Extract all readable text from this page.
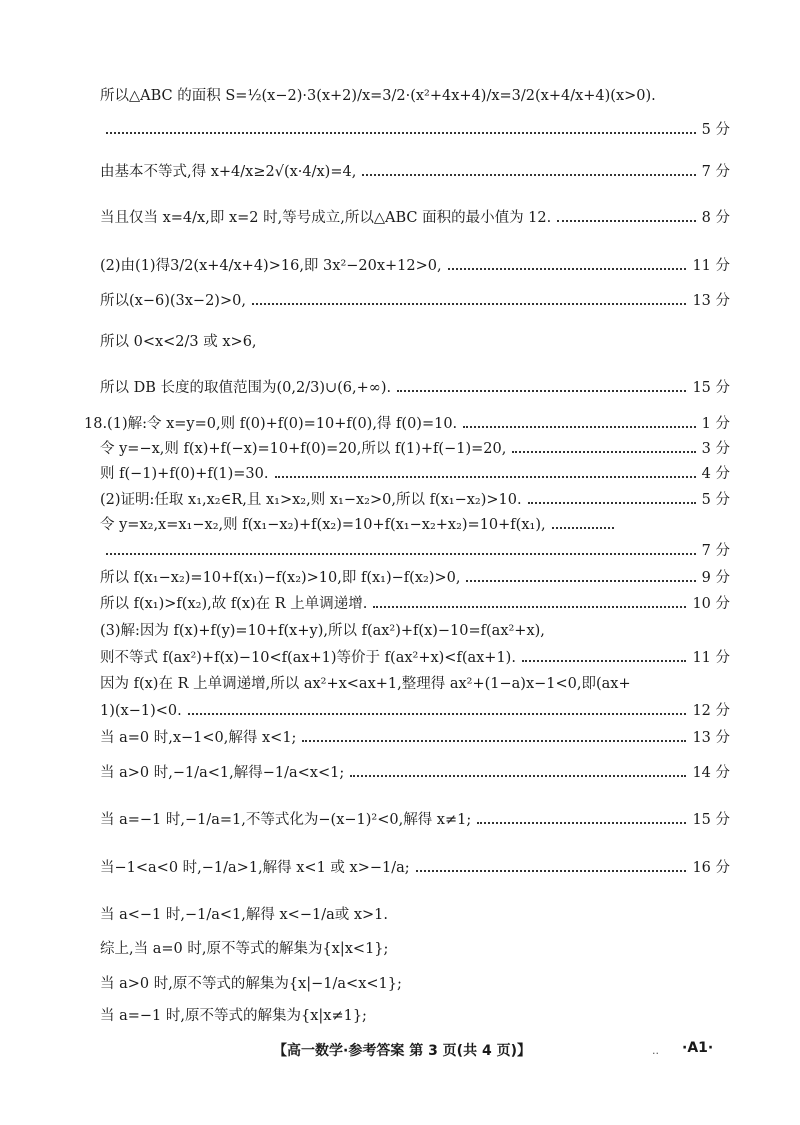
所以△ABC 的面积 S=½(x−2)·3(x+2)/x=3/2·(x²+4x+4)/x=3/2(x+4/x+4)(x>0).
5 分
由基本不等式,得 x+4/x≥2√(x·4/x)=4,	7 分
当且仅当 x=4/x,即 x=2 时,等号成立,所以△ABC 面积的最小值为 12.	8 分
(2)由(1)得3/2(x+4/x+4)>16,即 3x²−20x+12>0,	11 分
所以(x−6)(3x−2)>0,	13 分
所以 0<x<2/3 或 x>6,
所以 DB 长度的取值范围为(0,2/3)∪(6,+∞).	15 分
18.(1)解:令 x=y=0,则 f(0)+f(0)=10+f(0),得 f(0)=10.	1 分
令 y=−x,则 f(x)+f(−x)=10+f(0)=20,所以 f(1)+f(−1)=20,	3 分
则 f(−1)+f(0)+f(1)=30.	4 分
(2)证明:任取 x₁,x₂∈R,且 x₁>x₂,则 x₁−x₂>0,所以 f(x₁−x₂)>10.	5 分
令 y=x₂,x=x₁−x₂,则 f(x₁−x₂)+f(x₂)=10+f(x₁−x₂+x₂)=10+f(x₁),
7 分
所以 f(x₁−x₂)=10+f(x₁)−f(x₂)>10,即 f(x₁)−f(x₂)>0,	9 分
所以 f(x₁)>f(x₂),故 f(x)在 R 上单调递增.	10 分
(3)解:因为 f(x)+f(y)=10+f(x+y),所以 f(ax²)+f(x)−10=f(ax²+x),
则不等式 f(ax²)+f(x)−10<f(ax+1)等价于 f(ax²+x)<f(ax+1).	11 分
因为 f(x)在 R 上单调递增,所以 ax²+x<ax+1,整理得 ax²+(1−a)x−1<0,即(ax+
1)(x−1)<0.	12 分
当 a=0 时,x−1<0,解得 x<1;	13 分
当 a>0 时,−1/a<1,解得−1/a<x<1;	14 分
当 a=−1 时,−1/a=1,不等式化为−(x−1)²<0,解得 x≠1;	15 分
当−1<a<0 时,−1/a>1,解得 x<1 或 x>−1/a;	16 分
当 a<−1 时,−1/a<1,解得 x<−1/a或 x>1.
综上,当 a=0 时,原不等式的解集为{x|x<1};
当 a>0 时,原不等式的解集为{x|−1/a<x<1};
当 a=−1 时,原不等式的解集为{x|x≠1};
【高一数学·参考答案 第 3 页(共 4 页)】	.. ·A1·
